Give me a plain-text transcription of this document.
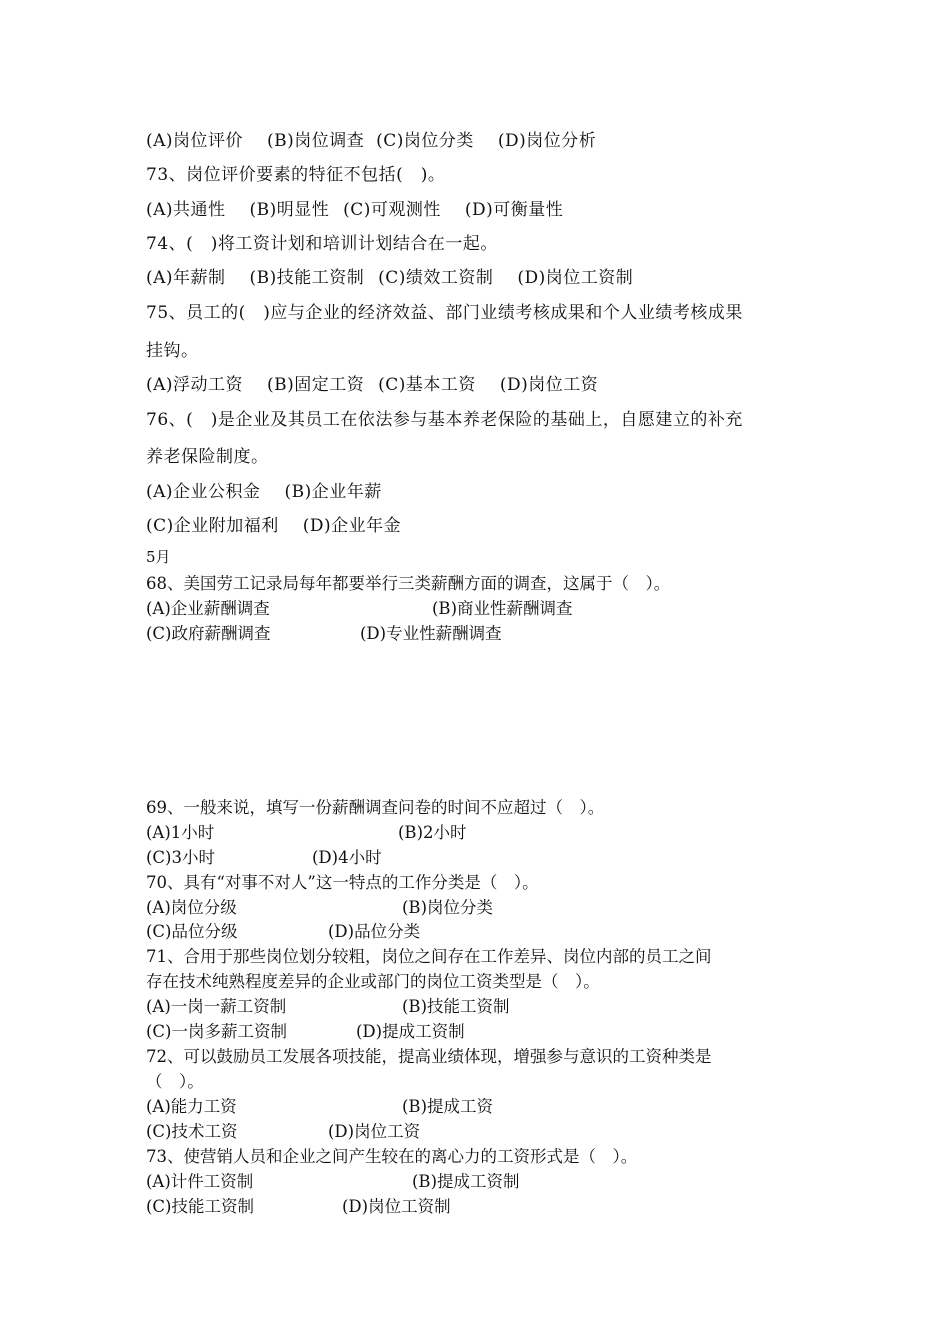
(A)岗位评价 (B)岗位调查 (C)岗位分类 (D)岗位分析
73、岗位评价要素的特征不包括(　)。
(A)共通性 (B)明显性 (C)可观测性 (D)可衡量性
74、(　)将工资计划和培训计划结合在一起。
(A)年薪制 (B)技能工资制 (C)绩效工资制 (D)岗位工资制
75、员工的(　)应与企业的经济效益、部门业绩考核成果和个人业绩考核成果
挂钩。
(A)浮动工资 (B)固定工资 (C)基本工资 (D)岗位工资
76、(　)是企业及其员工在依法参与基本养老保险的基础上，自愿建立的补充
养老保险制度。
(A)企业公积金 (B)企业年薪
(C)企业附加福利 (D)企业年金
5月
68、美国劳工记录局每年都要举行三类薪酬方面的调查，这属于（　）。
(A)企业薪酬调查	(B)商业性薪酬调查
(C)政府薪酬调查	(D)专业性薪酬调查
69、一般来说，填写一份薪酬调查问卷的时间不应超过（　）。
(A)1小时	(B)2小时
(C)3小时	(D)4小时
70、具有“对事不对人”这一特点的工作分类是（　）。
(A)岗位分级	(B)岗位分类
(C)品位分级	(D)品位分类
71、合用于那些岗位划分较粗，岗位之间存在工作差异、岗位内部的员工之间
存在技术纯熟程度差异的企业或部门的岗位工资类型是（　）。
(A)一岗一薪工资制	(B)技能工资制
(C)一岗多薪工资制	(D)提成工资制
72、可以鼓励员工发展各项技能，提高业绩体现，增强参与意识的工资种类是
（　）。
(A)能力工资	(B)提成工资
(C)技术工资	(D)岗位工资
73、使营销人员和企业之间产生较在的离心力的工资形式是（　）。
(A)计件工资制	(B)提成工资制
(C)技能工资制	(D)岗位工资制
